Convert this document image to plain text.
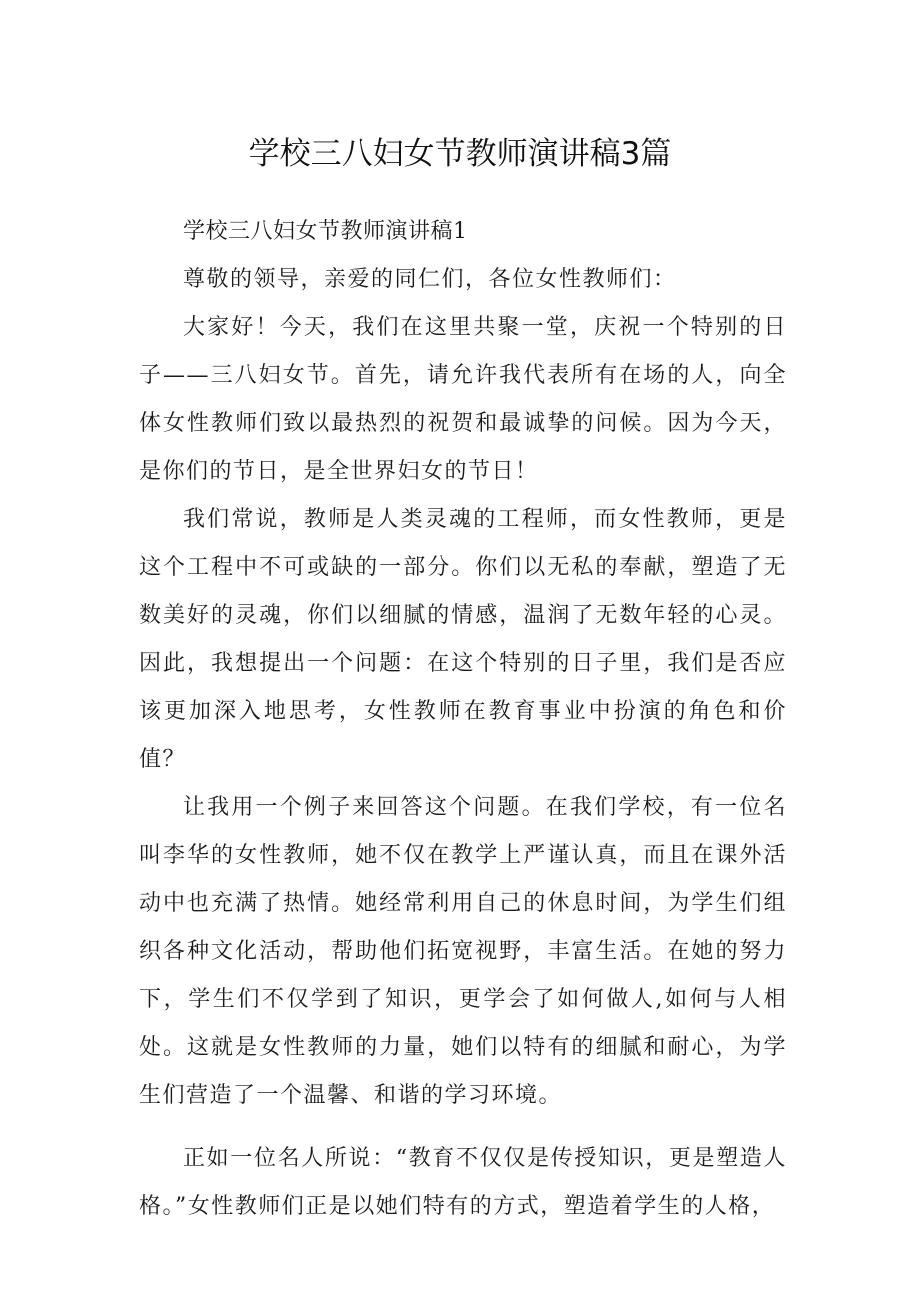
学校三八妇女节教师演讲稿3篇

学校三八妇女节教师演讲稿1

尊敬的领导，亲爱的同仁们，各位女性教师们：

大家好！今天，我们在这里共聚一堂，庆祝一个特别的日子——三八妇女节。首先，请允许我代表所有在场的人，向全体女性教师们致以最热烈的祝贺和最诚挚的问候。因为今天，是你们的节日，是全世界妇女的节日！

我们常说，教师是人类灵魂的工程师，而女性教师，更是这个工程中不可或缺的一部分。你们以无私的奉献，塑造了无数美好的灵魂，你们以细腻的情感，温润了无数年轻的心灵。因此，我想提出一个问题：在这个特别的日子里，我们是否应该更加深入地思考，女性教师在教育事业中扮演的角色和价值？

让我用一个例子来回答这个问题。在我们学校，有一位名叫李华的女性教师，她不仅在教学上严谨认真，而且在课外活动中也充满了热情。她经常利用自己的休息时间，为学生们组织各种文化活动，帮助他们拓宽视野，丰富生活。在她的努力下，学生们不仅学到了知识，更学会了如何做人,如何与人相处。这就是女性教师的力量，她们以特有的细腻和耐心，为学生们营造了一个温馨、和谐的学习环境。

正如一位名人所说：“教育不仅仅是传授知识，更是塑造人格。”女性教师们正是以她们特有的方式，塑造着学生的人格，
